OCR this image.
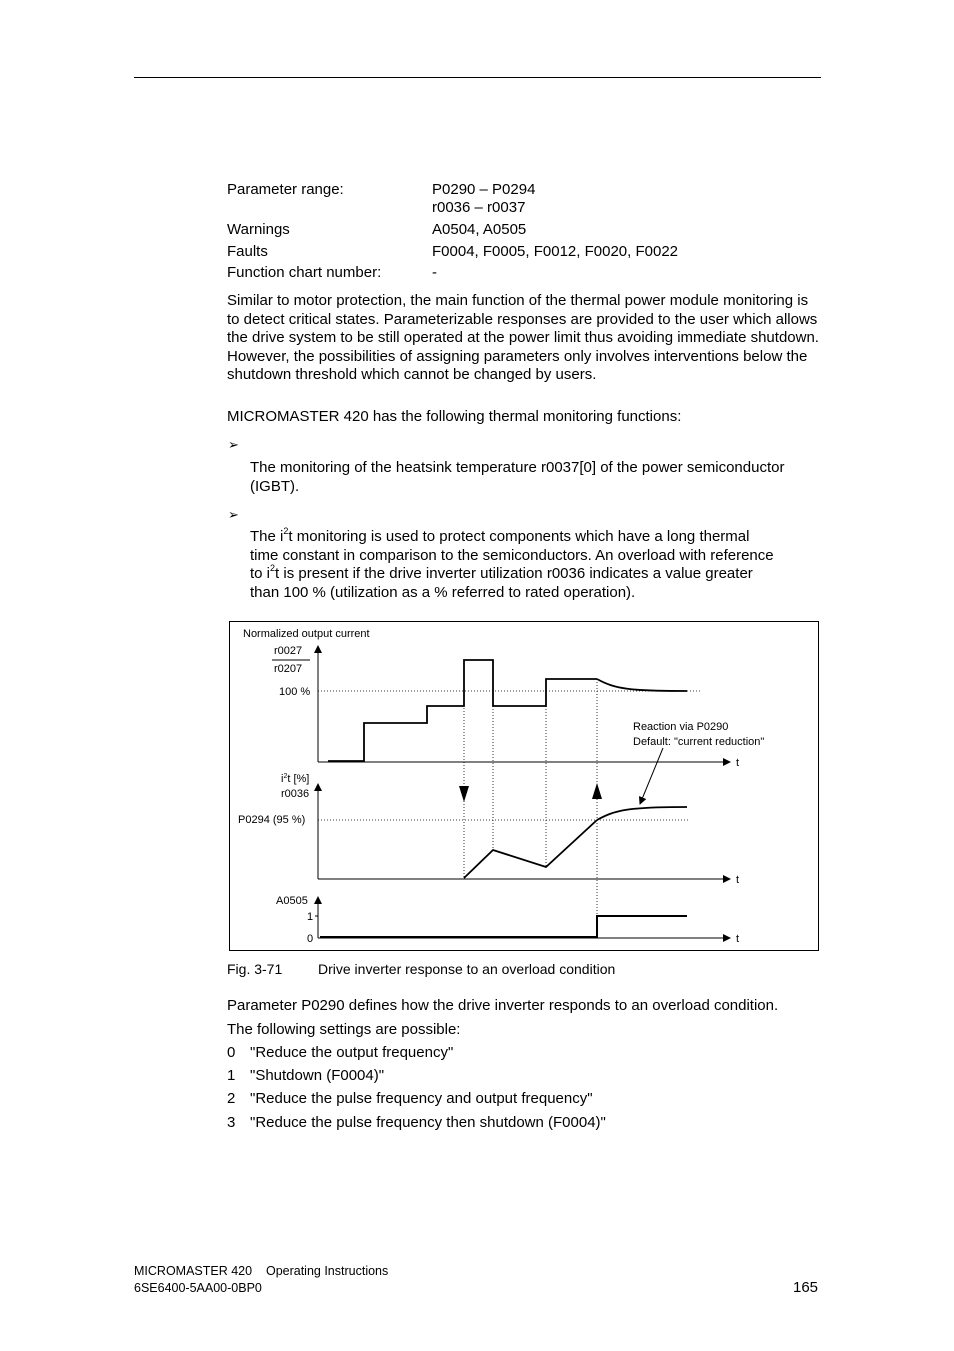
Parameter range:	P0290 – P0294
r0036 – r0037
Warnings	A0504, A0505
Faults	F0004, F0005, F0012, F0020, F0022
Function chart number:	-
Similar to motor protection, the main function of the thermal power module monitoring is to detect critical states. Parameterizable responses are provided to the user which allows the drive system to be still operated at the power limit thus avoiding immediate shutdown. However, the possibilities of assigning parameters only involves interventions below the shutdown threshold which cannot be changed by users.
MICROMASTER 420 has the following thermal monitoring functions:
➢
The monitoring of the heatsink temperature r0037[0] of the power semiconductor (IGBT).
➢
The $i^2t$ monitoring is used to protect components which have a long thermal
time constant in comparison to the semiconductors. An overload with reference
to $i^2t$ is present if the drive inverter utilization r0036 indicates a value greater
than 100 % (utilization as a % referred to rated operation).
Normalized output current
r0027
r0207
100 %
t
Reaction via P0290
Default: "current reduction"
$i^2t$ [%]
r0036
P0294 (95 %)
t
A0505
1
0	t
Fig. 3-71	Drive inverter response to an overload condition
Parameter P0290 defines how the drive inverter responds to an overload condition.
The following settings are possible:
0 "Reduce the output frequency"
1 "Shutdown (F0004)"
2 "Reduce the pulse frequency and output frequency"
3 "Reduce the pulse frequency then shutdown (F0004)"
MICROMASTER 420    Operating Instructions
6SE6400-5AA00-0BP0	165
